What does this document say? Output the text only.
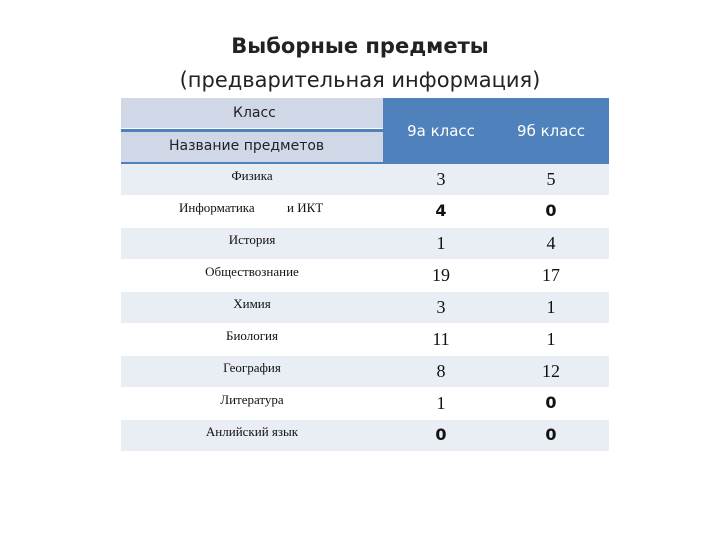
Выборные предметы
(предварительная информация)
Класс
Название предметов
9а класс	9б класс
Физика	3	5
Информатика и ИКТ	4	0
История	1	4
Обществознание	19	17
Химия	3	1
Биология	11	1
География	8	12
Литература	1	0
Анлийский язык	0	0
